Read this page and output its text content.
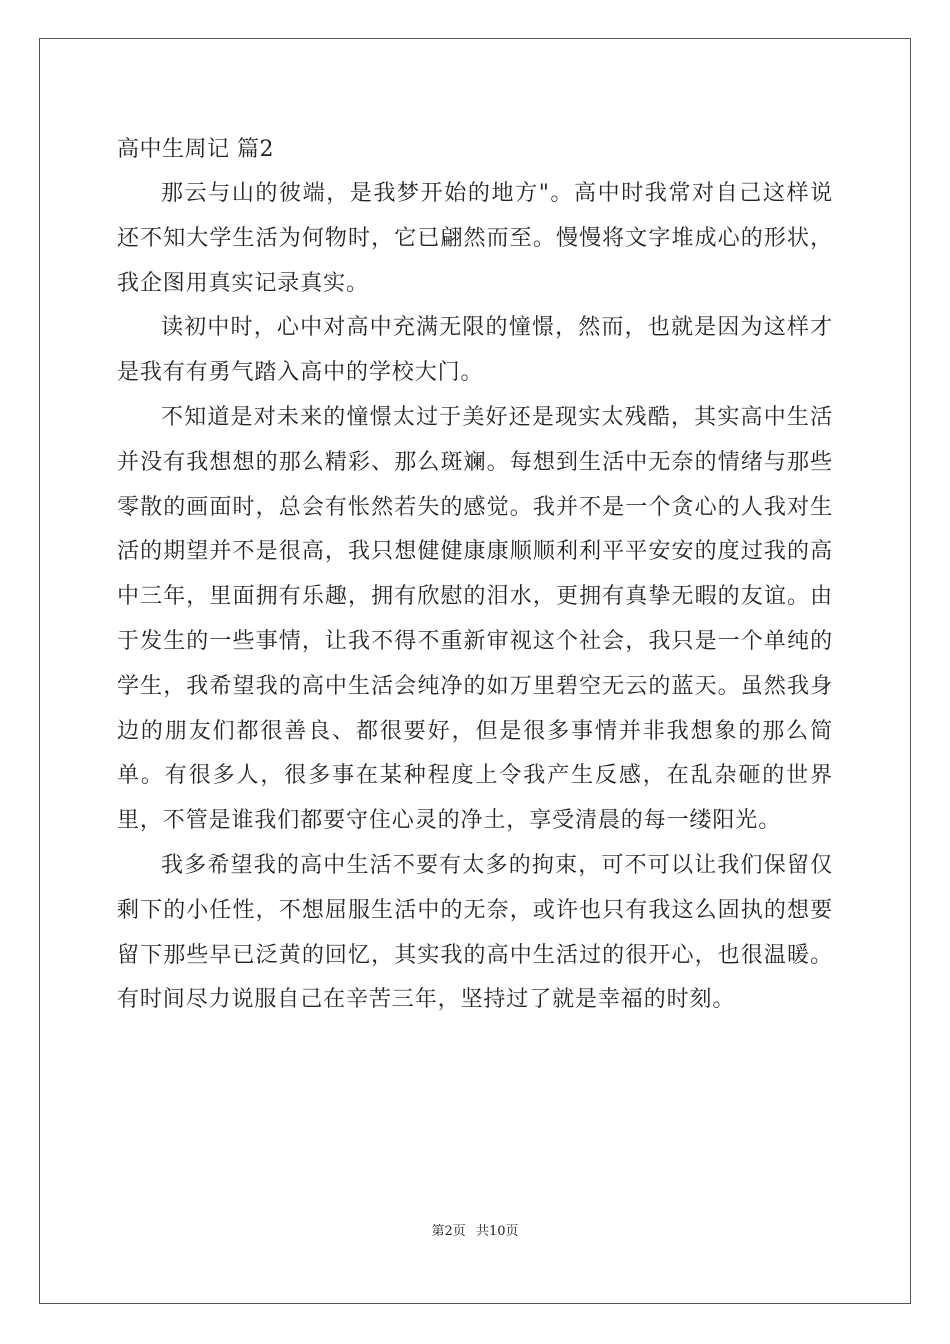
高中生周记 篇2

那云与山的彼端，是我梦开始的地方"。高中时我常对自己这样说还不知大学生活为何物时，它已翩然而至。慢慢将文字堆成心的形状，我企图用真实记录真实。

读初中时，心中对高中充满无限的憧憬，然而，也就是因为这样才是我有有勇气踏入高中的学校大门。

不知道是对未来的憧憬太过于美好还是现实太残酷，其实高中生活并没有我想想的那么精彩、那么斑斓。每想到生活中无奈的情绪与那些零散的画面时，总会有怅然若失的感觉。我并不是一个贪心的人我对生活的期望并不是很高，我只想健健康康顺顺利利平平安安的度过我的高中三年，里面拥有乐趣，拥有欣慰的泪水，更拥有真挚无暇的友谊。由于发生的一些事情，让我不得不重新审视这个社会，我只是一个单纯的学生，我希望我的高中生活会纯净的如万里碧空无云的蓝天。虽然我身边的朋友们都很善良、都很要好，但是很多事情并非我想象的那么简单。有很多人，很多事在某种程度上令我产生反感，在乱杂砸的世界里，不管是谁我们都要守住心灵的净土，享受清晨的每一缕阳光。

我多希望我的高中生活不要有太多的拘束，可不可以让我们保留仅剩下的小任性，不想屈服生活中的无奈，或许也只有我这么固执的想要留下那些早已泛黄的回忆，其实我的高中生活过的很开心，也很温暖。有时间尽力说服自己在辛苦三年，坚持过了就是幸福的时刻。

第2页 共10页
